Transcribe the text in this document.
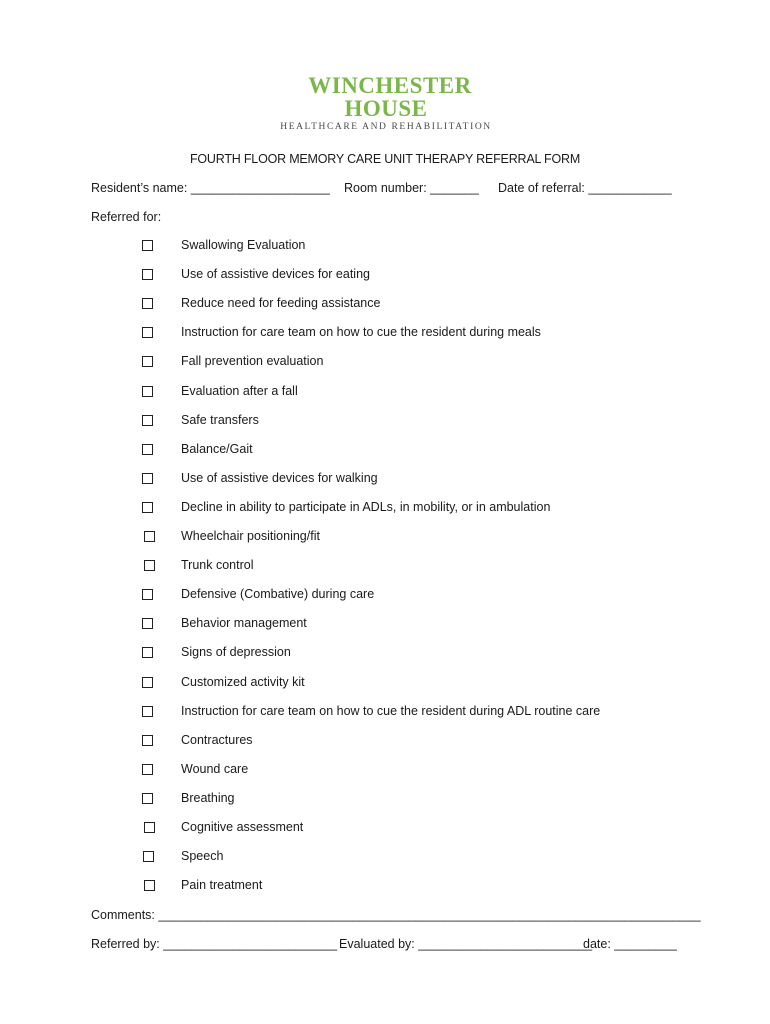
WINCHESTER
HOUSE
HEALTHCARE AND REHABILITATION
FOURTH FLOOR MEMORY CARE UNIT THERAPY REFERRAL FORM
Resident’s name: ____________________ Room number: _______ Date of referral: ____________
Referred for:
Swallowing Evaluation
Use of assistive devices for eating
Reduce need for feeding assistance
Instruction for care team on how to cue the resident during meals
Fall prevention evaluation
Evaluation after a fall
Safe transfers
Balance/Gait
Use of assistive devices for walking
Decline in ability to participate in ADLs, in mobility, or in ambulation
Wheelchair positioning/fit
Trunk control
Defensive (Combative) during care
Behavior management
Signs of depression
Customized activity kit
Instruction for care team on how to cue the resident during ADL routine care
Contractures
Wound care
Breathing
Cognitive assessment
Speech
Pain treatment
Comments: ______________________________________________________________________________
Referred by: _________________________ Evaluated by: _________________________
date: _________
